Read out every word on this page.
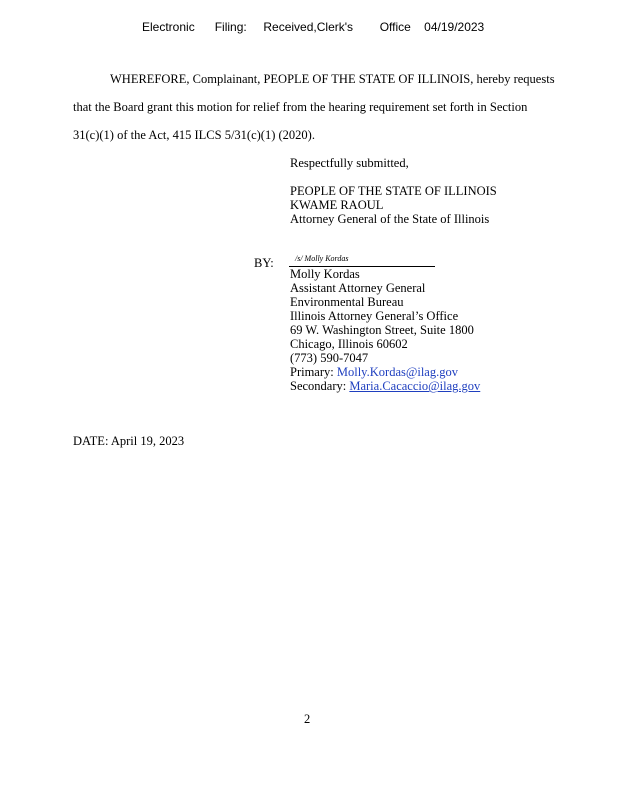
Electronic      Filing:     Received,Clerk's        Office    04/19/2023
WHEREFORE, Complainant, PEOPLE OF THE STATE OF ILLINOIS, hereby requests
that the Board grant this motion for relief from the hearing requirement set forth in Section
31(c)(1) of the Act, 415 ILCS 5/31(c)(1) (2020).
Respectfully submitted,
PEOPLE OF THE STATE OF ILLINOIS
KWAME RAOUL
Attorney General of the State of Illinois
BY:	/s/ Molly Kordas
Molly Kordas
Assistant Attorney General
Environmental Bureau
Illinois Attorney General’s Office
69 W. Washington Street, Suite 1800
Chicago, Illinois 60602
(773) 590-7047
Primary: Molly.Kordas@ilag.gov
Secondary: Maria.Cacaccio@ilag.gov
DATE: April 19, 2023
2
